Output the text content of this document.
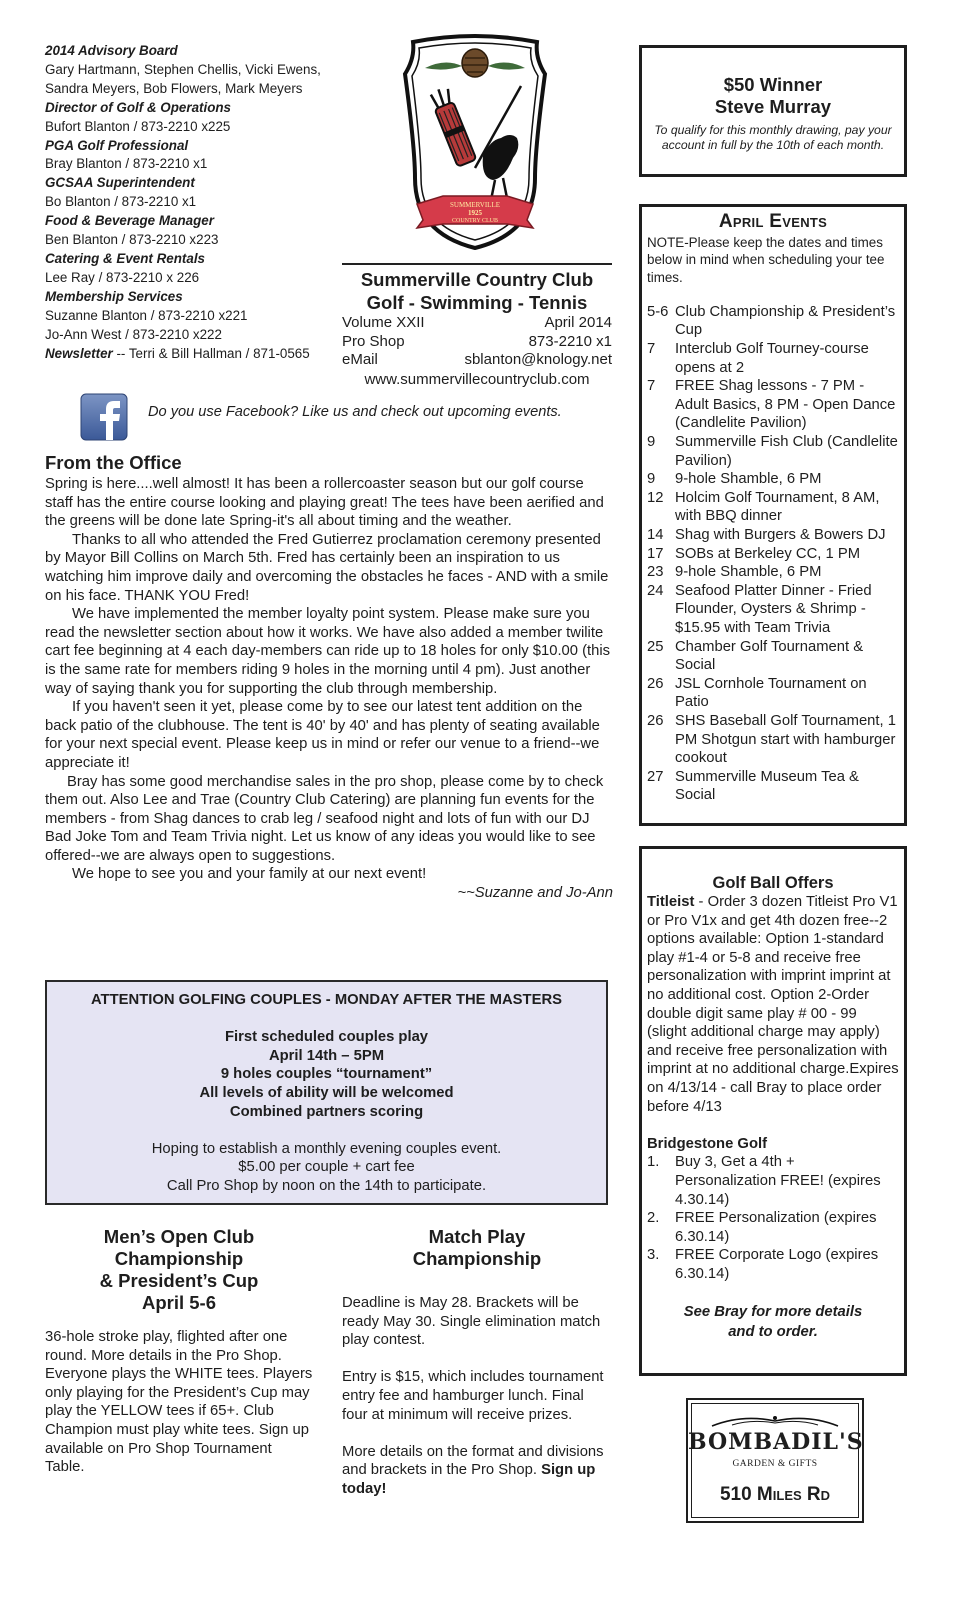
2014 Advisory Board
Gary Hartmann, Stephen Chellis, Vicki Ewens,
Sandra Meyers, Bob Flowers, Mark Meyers
Director of Golf & Operations
Bufort Blanton / 873-2210 x225
PGA Golf Professional
Bray Blanton / 873-2210 x1
GCSAA Superintendent
Bo Blanton / 873-2210 x1
Food & Beverage Manager
Ben Blanton / 873-2210 x223
Catering & Event Rentals
Lee Ray / 873-2210 x 226
Membership Services
Suzanne Blanton / 873-2210 x221
Jo-Ann West / 873-2210 x222
Newsletter -- Terri & Bill Hallman / 871-0565
SUMMERVILLE
1925
COUNTRY CLUB
Summerville Country Club
Golf - Swimming - Tennis
Volume XXII	April 2014
Pro Shop	873-2210 x1
eMail	sblanton@knology.net
www.summervillecountryclub.com
Do you use Facebook? Like us and check out upcoming events.
From the Office

Spring is here....well almost! It has been a rollercoaster season but our golf course staff has the entire course looking and playing great! The tees have been aerified and the greens will be done late Spring-it's all about timing and the weather.

Thanks to all who attended the Fred Gutierrez proclamation ceremony presented by Mayor Bill Collins on March 5th. Fred has certainly been an inspiration to us watching him improve daily and overcoming the obstacles he faces - AND with a smile on his face. THANK YOU Fred!

We have implemented the member loyalty point system. Please make sure you read the newsletter section about how it works. We have also added a member twilite cart fee beginning at 4 each day-members can ride up to 18 holes for only $10.00 (this is the same rate for members riding 9 holes in the morning until 4 pm). Just another way of saying thank you for supporting the club through membership.

If you haven't seen it yet, please come by to see our latest tent addition on the back patio of the clubhouse. The tent is 40' by 40' and has plenty of seating available for your next special event. Please keep us in mind or refer our venue to a friend--we appreciate it!

Bray has some good merchandise sales in the pro shop, please come by to check them out. Also Lee and Trae (Country Club Catering) are planning fun events for the members - from Shag dances to crab leg / seafood night and lots of fun with our DJ Bad Joke Tom and Team Trivia night. Let us know of any ideas you would like to see offered--we are always open to suggestions.

We hope to see you and your family at our next event!

~~Suzanne and Jo-Ann

ATTENTION GOLFING COUPLES - MONDAY AFTER THE MASTERS
First scheduled couples play
April 14th – 5PM
9 holes couples “tournament”
All levels of ability will be welcomed
Combined partners scoring
Hoping to establish a monthly evening couples event.
$5.00 per couple + cart fee
Call Pro Shop by noon on the 14th to participate.
Men’s Open Club
Championship
& President’s Cup
April 5-6
36-hole stroke play, flighted after one round. More details in the Pro Shop. Everyone plays the WHITE tees. Players only playing for the President’s Cup may play the YELLOW tees if 65+. Club Champion must play white tees. Sign up available on Pro Shop Tournament Table.
Match Play
Championship

Deadline is May 28. Brackets will be ready May 30. Single elimination match play contest.

Entry is $15, which includes tournament entry fee and hamburger lunch. Final four at minimum will receive prizes.

More details on the format and divisions and brackets in the Pro Shop. Sign up today!

$50 Winner
Steve Murray
To qualify for this monthly drawing, pay your account in full by the 10th of each month.
April Events
NOTE-Please keep the dates and times below in mind when scheduling your tee times.
5-6 Club Championship & President’s Cup
7	Interclub Golf Tourney-course opens at 2
7	FREE Shag lessons - 7 PM - Adult Basics, 8 PM - Open Dance (Candlelite Pavilion)
9	Summerville Fish Club (Candlelite Pavilion)
9	9-hole Shamble, 6 PM
12 Holcim Golf Tournament, 8 AM, with BBQ dinner
14 Shag with Burgers & Bowers DJ
17 SOBs at Berkeley CC, 1 PM
23 9-hole Shamble, 6 PM
24 Seafood Platter Dinner - Fried Flounder, Oysters & Shrimp - $15.95 with Team Trivia
25 Chamber Golf Tournament & Social
26 JSL Cornhole Tournament on Patio
26 SHS Baseball Golf Tournament, 1 PM Shotgun start with hamburger cookout
27 Summerville Museum Tea & Social
Golf Ball Offers
Titleist - Order 3 dozen Titleist Pro V1 or Pro V1x and get 4th dozen free--2 options available: Option 1-standard play #1-4 or 5-8 and receive free personalization with imprint imprint at no additional cost. Option 2-Order double digit same play # 00 - 99 (slight additional charge may apply) and receive free personalization with imprint at no additional charge.Expires on 4/13/14 - call Bray to place order before 4/13
Bridgestone Golf
1.	Buy 3, Get a 4th + Personalization FREE! (expires 4.30.14)
2.	FREE Personalization (expires 6.30.14)
3.	FREE Corporate Logo (expires 6.30.14)
See Bray for more details
and to order.
BOMBADIL'S
GARDEN & GIFTS
510 Miles Rd
